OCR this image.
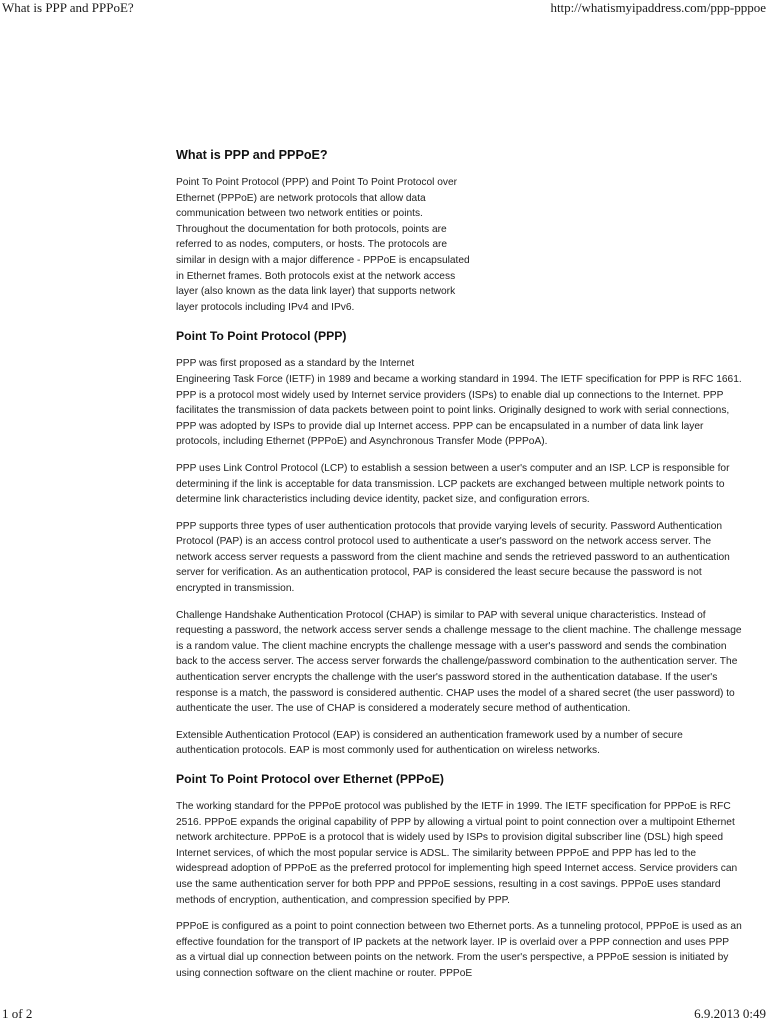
What is PPP and PPPoE?	http://whatismyipaddress.com/ppp-pppoe
What is PPP and PPPoE?

Point To Point Protocol (PPP) and Point To Point Protocol over Ethernet (PPPoE) are network protocols that allow data communication between two network entities or points. Throughout the documentation for both protocols, points are referred to as nodes, computers, or hosts. The protocols are similar in design with a major difference - PPPoE is encapsulated in Ethernet frames. Both protocols exist at the network access layer (also known as the data link layer) that supports network layer protocols including IPv4 and IPv6.

Point To Point Protocol (PPP)

PPP was first proposed as a standard by the Internet
Engineering Task Force (IETF) in 1989 and became a working standard in 1994. The IETF specification for PPP is RFC 1661. PPP is a protocol most widely used by Internet service providers (ISPs) to enable dial up connections to the Internet. PPP facilitates the transmission of data packets between point to point links. Originally designed to work with serial connections, PPP was adopted by ISPs to provide dial up Internet access. PPP can be encapsulated in a number of data link layer protocols, including Ethernet (PPPoE) and Asynchronous Transfer Mode (PPPoA).

PPP uses Link Control Protocol (LCP) to establish a session between a user's computer and an ISP. LCP is responsible for determining if the link is acceptable for data transmission. LCP packets are exchanged between multiple network points to determine link characteristics including device identity, packet size, and configuration errors.

PPP supports three types of user authentication protocols that provide varying levels of security. Password Authentication Protocol (PAP) is an access control protocol used to authenticate a user's password on the network access server. The network access server requests a password from the client machine and sends the retrieved password to an authentication server for verification. As an authentication protocol, PAP is considered the least secure because the password is not encrypted in transmission.

Challenge Handshake Authentication Protocol (CHAP) is similar to PAP with several unique characteristics. Instead of requesting a password, the network access server sends a challenge message to the client machine. The challenge message is a random value. The client machine encrypts the challenge message with a user's password and sends the combination back to the access server. The access server forwards the challenge/password combination to the authentication server. The authentication server encrypts the challenge with the user's password stored in the authentication database. If the user's response is a match, the password is considered authentic. CHAP uses the model of a shared secret (the user password) to authenticate the user. The use of CHAP is considered a moderately secure method of authentication.

Extensible Authentication Protocol (EAP) is considered an authentication framework used by a number of secure authentication protocols. EAP is most commonly used for authentication on wireless networks.

Point To Point Protocol over Ethernet (PPPoE)

The working standard for the PPPoE protocol was published by the IETF in 1999. The IETF specification for PPPoE is RFC 2516. PPPoE expands the original capability of PPP by allowing a virtual point to point connection over a multipoint Ethernet network architecture. PPPoE is a protocol that is widely used by ISPs to provision digital subscriber line (DSL) high speed Internet services, of which the most popular service is ADSL. The similarity between PPPoE and PPP has led to the widespread adoption of PPPoE as the preferred protocol for implementing high speed Internet access. Service providers can use the same authentication server for both PPP and PPPoE sessions, resulting in a cost savings. PPPoE uses standard methods of encryption, authentication, and compression specified by PPP.

PPPoE is configured as a point to point connection between two Ethernet ports. As a tunneling protocol, PPPoE is used as an effective foundation for the transport of IP packets at the network layer. IP is overlaid over a PPP connection and uses PPP as a virtual dial up connection between points on the network. From the user's perspective, a PPPoE session is initiated by using connection software on the client machine or router. PPPoE

1 of 2	6.9.2013 0:49
